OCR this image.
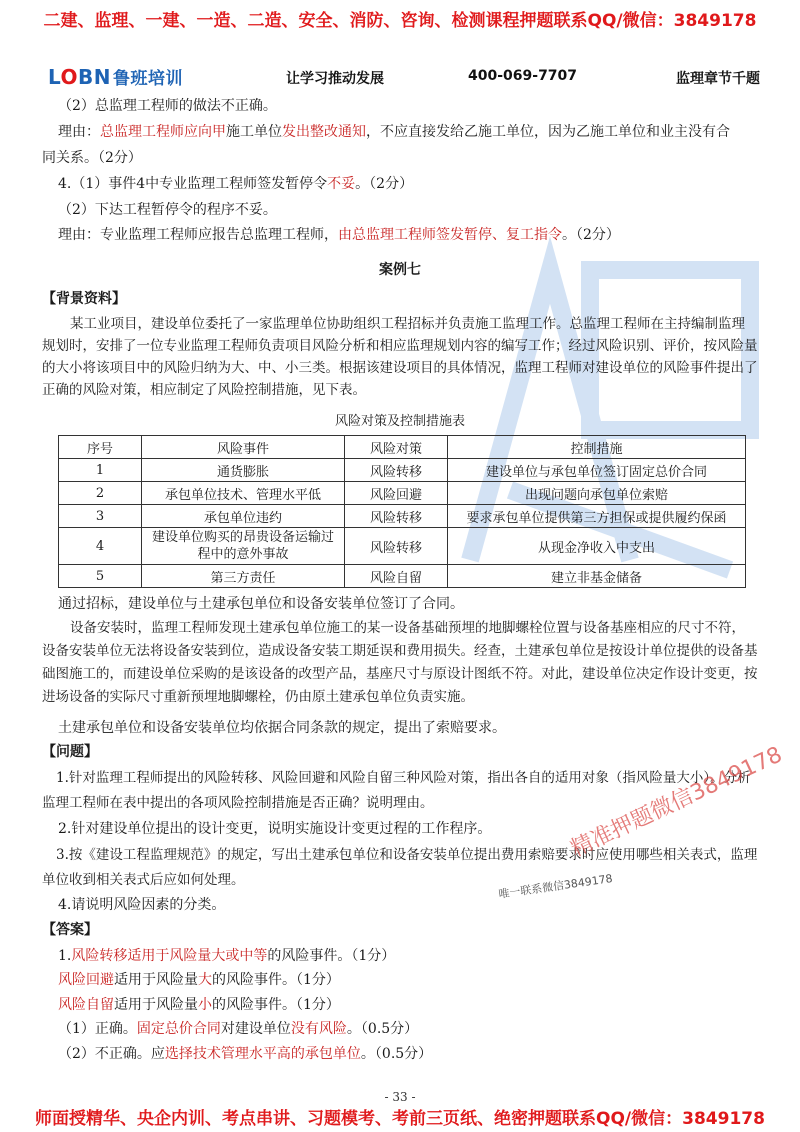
二建、监理、一建、一造、二造、安全、消防、咨询、检测课程押题联系QQ/微信：3849178
LOBN 鲁班培训	让学习推动发展	400-069-7707	监理章节千题

（2）总监理工程师的做法不正确。

理由：总监理工程师应向甲施工单位发出整改通知，不应直接发给乙施工单位，因为乙施工单位和业主没有合

同关系。（2分）

4.（1）事件4中专业监理工程师签发暂停令不妥。（2分）

（2）下达工程暂停令的程序不妥。

理由：专业监理工程师应报告总监理工程师，由总监理工程师签发暂停、复工指令。（2分）

案例七

【背景资料】

某工业项目，建设单位委托了一家监理单位协助组织工程招标并负责施工监理工作。总监理工程师在主持编制监理规划时，安排了一位专业监理工程师负责项目风险分析和相应监理规划内容的编写工作；经过风险识别、评价，按风险量的大小将该项目中的风险归纳为大、中、小三类。根据该建设项目的具体情况，监理工程师对建设单位的风险事件提出了正确的风险对策，相应制定了风险控制措施，见下表。

风险对策及控制措施表

序号	风险事件	风险对策	控制措施
1	通货膨胀	风险转移	建设单位与承包单位签订固定总价合同
2	承包单位技术、管理水平低	风险回避	出现问题向承包单位索赔
3	承包单位违约	风险转移	要求承包单位提供第三方担保或提供履约保函
4	建设单位购买的昂贵设备运输过程中的意外事故	风险转移	从现金净收入中支出
5	第三方责任	风险自留	建立非基金储备

通过招标，建设单位与土建承包单位和设备安装单位签订了合同。

设备安装时，监理工程师发现土建承包单位施工的某一设备基础预埋的地脚螺栓位置与设备基座相应的尺寸不符，设备安装单位无法将设备安装到位，造成设备安装工期延误和费用损失。经查，土建承包单位是按设计单位提供的设备基础图施工的，而建设单位采购的是该设备的改型产品，基座尺寸与原设计图纸不符。对此，建设单位决定作设计变更，按进场设备的实际尺寸重新预埋地脚螺栓，仍由原土建承包单位负责实施。

土建承包单位和设备安装单位均依据合同条款的规定，提出了索赔要求。

【问题】

1.针对监理工程师提出的风险转移、风险回避和风险自留三种风险对策，指出各自的适用对象（指风险量大小）。分析监理工程师在表中提出的各项风险控制措施是否正确？说明理由。

2.针对建设单位提出的设计变更，说明实施设计变更过程的工作程序。

3.按《建设工程监理规范》的规定，写出土建承包单位和设备安装单位提出费用索赔要求时应使用哪些相关表式，监理单位收到相关表式后应如何处理。

4.请说明风险因素的分类。

【答案】

1.风险转移适用于风险量大或中等的风险事件。（1分）

风险回避适用于风险量大的风险事件。（1分）

风险自留适用于风险量小的风险事件。（1分）

（1）正确。固定总价合同对建设单位没有风险。（0.5分）

（2）不正确。应选择技术管理水平高的承包单位。（0.5分）

唯一联系微信3849178
精准押题微信3849178
- 33 -
师面授精华、央企内训、考点串讲、习题模考、考前三页纸、绝密押题联系QQ/微信：3849178
